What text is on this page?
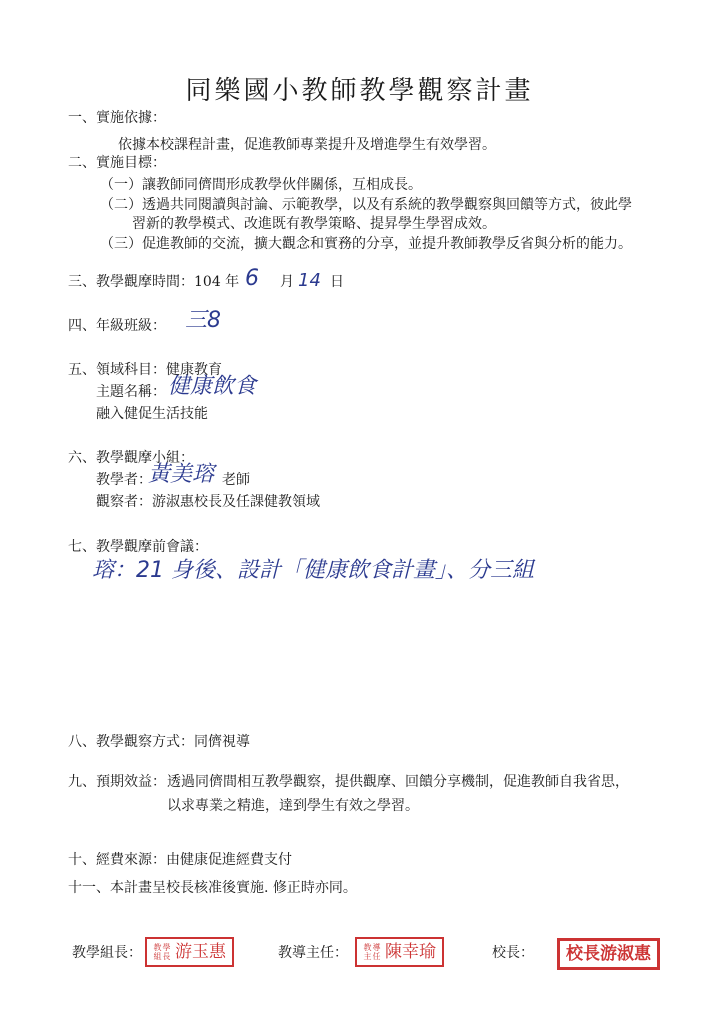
同樂國小教師教學觀察計畫
一、實施依據：
依據本校課程計畫，促進教師專業提升及增進學生有效學習。
二、實施目標：
（一）讓教師同儕間形成教學伙伴關係，互相成長。
（二）透過共同閱讀與討論、示範教學，以及有系統的教學觀察與回饋等方式，彼此學
習新的教學模式、改進既有教學策略、提昇學生學習成效。
（三）促進教師的交流，擴大觀念和實務的分享，並提升教師教學反省與分析的能力。
三、教學觀摩時間：104 年 6 月 14 日
四、年級班級： 三8
五、領域科目：健康教育
主題名稱： 健康飲食
融入健促生活技能
六、教學觀摩小組：
教學者：
黃美瑢 老師
觀察者：游淑惠校長及任課健教領域
七、教學觀摩前會議：
瑢：21 身後、設計「健康飲食計畫」、分三組
八、教學觀察方式：同儕視導
九、預期效益： 透過同儕間相互教學觀察，提供觀摩、回饋分享機制，促進教師自我省思，
以求專業之精進，達到學生有效之學習。
十、經費來源：由健康促進經費支付
十一、本計畫呈校長核准後實施. 修正時亦同。
教學組長： 教 學
組 長 游玉惠	教導主任： 教 導
主 任 陳幸瑜	校長：	校長游淑惠
